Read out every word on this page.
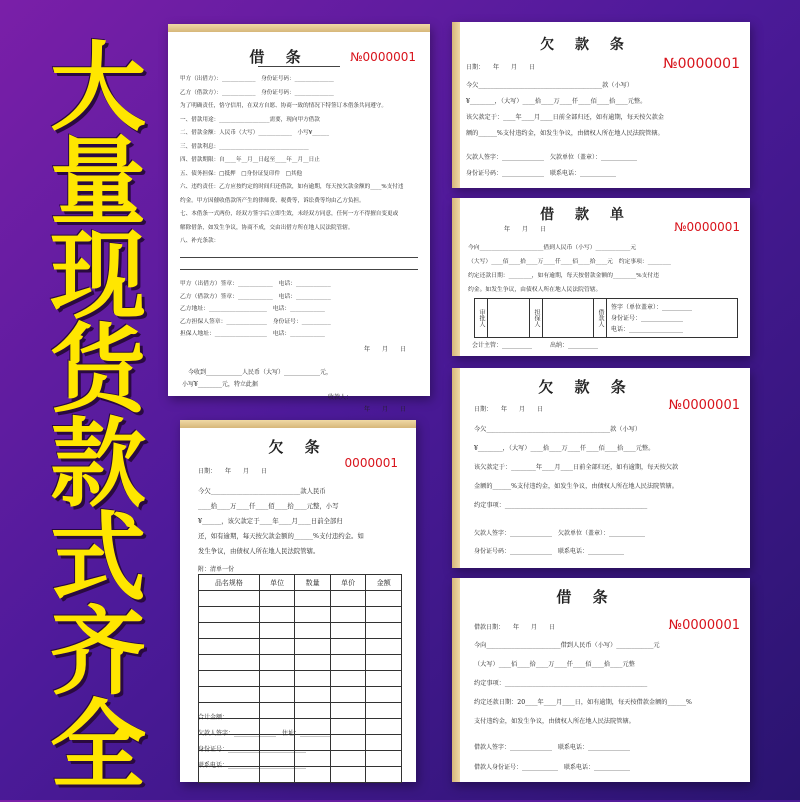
大
量
现
货
款
式
齐
全
借 条	№0000001
甲方（出借方）：____________　身份证号码：______________
乙方（借款方）：____________　身份证号码：______________
为了明确责任，恪守信用，在双方自愿、协商一致的情况下特签订本借条共同遵守。
一、借款用途：__________________需要，现向甲方借款
二、借款金额：人民币（大写）____________　小写¥______
三、借款利息：________________________________
四、借款期限：自____年__月__日起至____年__月__日止
五、债务担保：□抵押　□身份证复印件　□其他
六、违约责任：乙方应按约定的时间归还借款，如有逾期，每天按欠款金额的____%支付违
约金。甲方因催收借款所产生的律师费、税费等，诉讼费等均由乙方负担。
七、本借条一式两份，经双方签字后立即生效，未经双方同意，任何一方不得擅自变更或
解除借条，如发生争议，协商不成，交由出借方所在地人民法院管辖。
八、补充条款：
甲方（出借方）签章：____________　电话：____________
乙方（借款方）签章：____________　电话：____________
乙方地址：____________________　电话：____________
乙方担保人签章：______________　身份证号：__________
担保人地址：__________________　电话：____________
年　　月　　日
今收到____________人民币（大写）____________元，
小写¥________元，特立此据
收款人：
年　　月　　日
欠 款 条
№0000001
日期：　　年　　月　　日
今欠________________________________________款（小写）
¥________，（大写）____拾____万____仟____佰____拾____元整。
该欠款定于：____年____月____日前全部归还，如有逾期，每天按欠款金
额的______%支付违约金，如发生争议，由债权人所在地人民法院管辖。
欠款人签字：______________　欠款单位（盖章）：____________
身份证号码：______________　联系电话：____________
借 款 单
№0000001
年　　月　　日
今向______________________借到人民币（小写）____________元
（大写）____佰____拾____万____仟____佰____拾____元　约定事项：________
约定还款日期：________，如有逾期，每天按借款金额的________%支付违
约金。如发生争议，由债权人所在地人民法院管辖。
审批人	担保人	借款人
签字（单位盖章）：__________
身份证号：______________
电话：__________________
会计主管：__________　　　出纳：__________
欠 款 条
№0000001
日期：　　年　　月　　日
今欠________________________________________款（小写）
¥________，（大写）____拾____万____仟____佰____拾____元整。
该欠款定于：________年____月____日前全部归还，如有逾期，每天按欠款
金额的______%支付违约金，如发生争议，由债权人所在地人民法院管辖。
约定事项：______________________________________________
欠款人签字：______________　欠款单位（盖章）：____________
身份证号码：______________　联系电话：____________
借 条
№0000001
借款日期：　　年　　月　　日
今向________________________借到人民币（小写）____________元
（大写）____佰____拾____万____仟____佰____拾____元整
约定事项：______________________________________________
约定还款日期：20____年____月____日，如有逾期，每天按借款金额的______%
支付违约金，如发生争议，由债权人所在地人民法院管辖。
借款人签字：______________　联系电话：______________
借款人身份证号：____________　联系电话：____________
欠 条
0000001
日期：　　年　　月　　日
今欠____________________________款人民币
____拾____万____仟____佰____拾____元整，小写
¥______，该欠款定于____年____月____日前全部归
还，如有逾期，每天按欠款金额的______%支付违约金。如
发生争议，由债权人所在地人民法院管辖。
附：清单一份
品名规格	单位	数量	单价	金额

合计金额：
欠款人签字：______________　住址：__________
身份证号：__________________________
联系电话：__________________________
